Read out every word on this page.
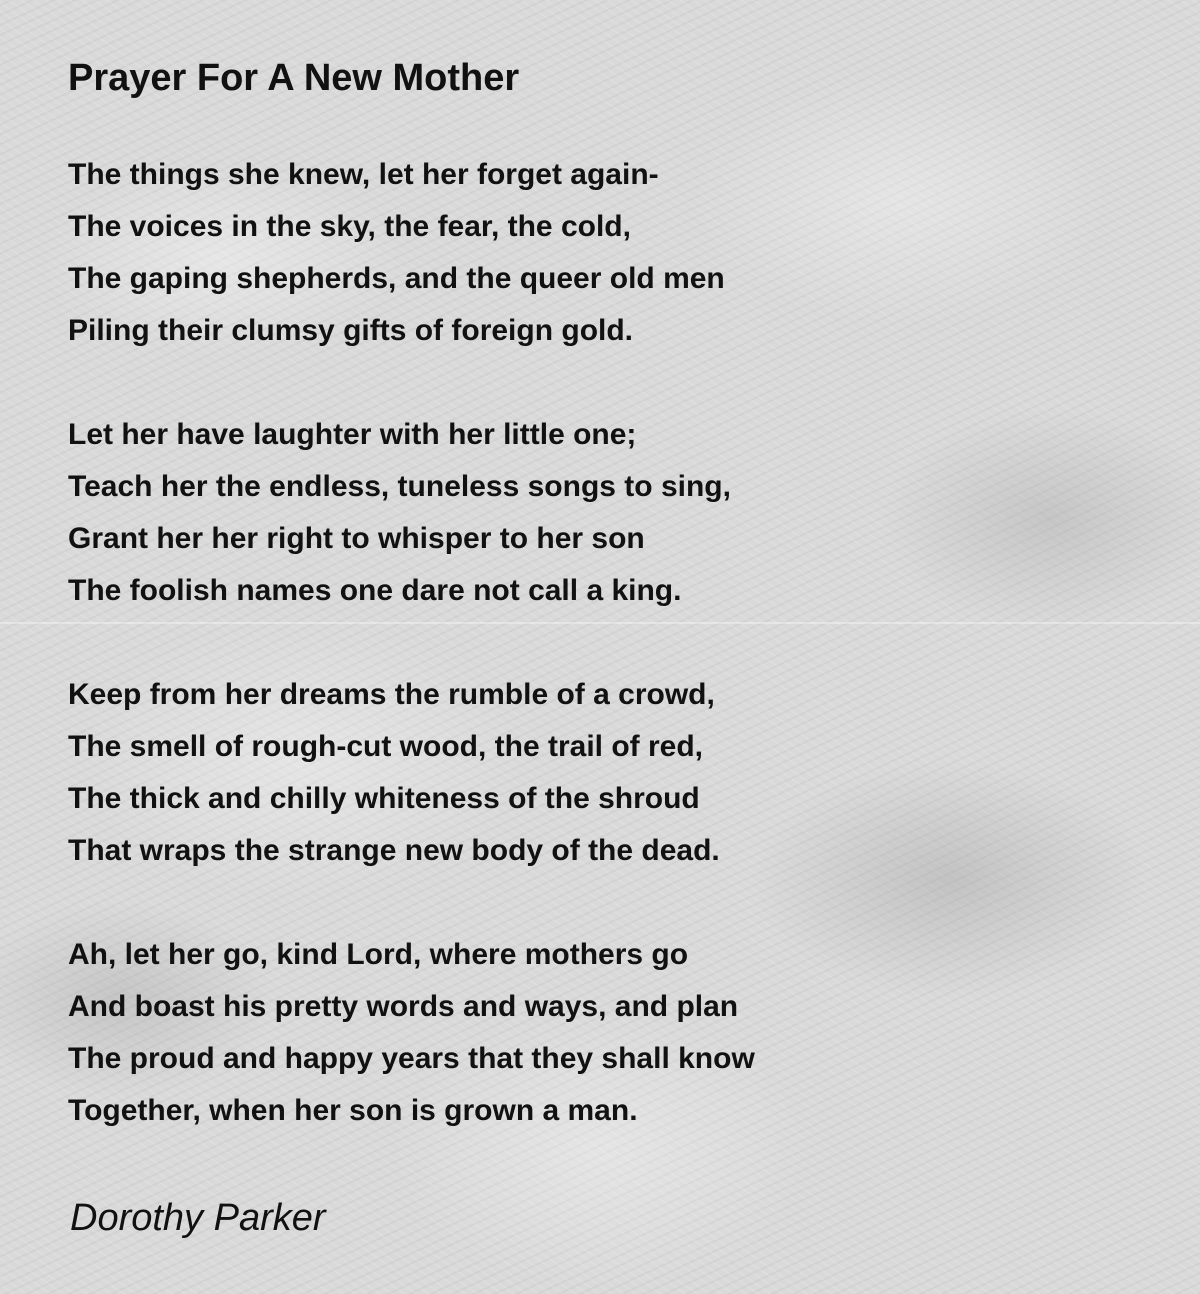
Prayer For A New Mother
The things she knew, let her forget again-
The voices in the sky, the fear, the cold,
The gaping shepherds, and the queer old men
Piling their clumsy gifts of foreign gold.
Let her have laughter with her little one;
Teach her the endless, tuneless songs to sing,
Grant her her right to whisper to her son
The foolish names one dare not call a king.
Keep from her dreams the rumble of a crowd,
The smell of rough-cut wood, the trail of red,
The thick and chilly whiteness of the shroud
That wraps the strange new body of the dead.
Ah, let her go, kind Lord, where mothers go
And boast his pretty words and ways, and plan
The proud and happy years that they shall know
Together, when her son is grown a man.
Dorothy Parker
